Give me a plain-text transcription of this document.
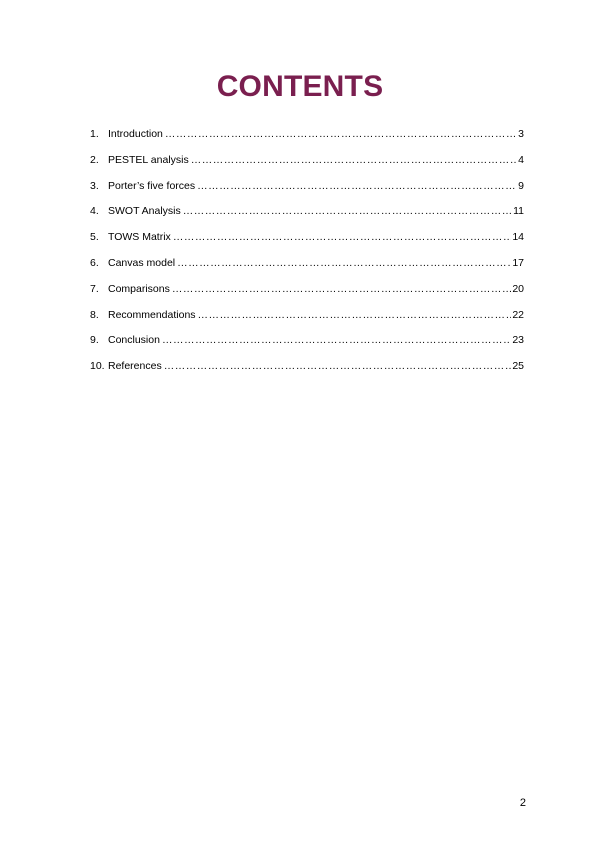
CONTENTS
1. Introduction …………………………………………………………………………………………………………………………………………………………………………	3
2. PESTEL analysis …………………………………………………………………………………………………………………………………………………………………………	4
3. Porter’s five forces …………………………………………………………………………………………………………………………………………………………………………	9
4. SWOT Analysis …………………………………………………………………………………………………………………………………………………………………………	11
5. TOWS Matrix …………………………………………………………………………………………………………………………………………………………………………	14
6. Canvas model …………………………………………………………………………………………………………………………………………………………………………	17
7. Comparisons …………………………………………………………………………………………………………………………………………………………………………	20
8. Recommendations …………………………………………………………………………………………………………………………………………………………………………	22
9. Conclusion …………………………………………………………………………………………………………………………………………………………………………	23
10. References …………………………………………………………………………………………………………………………………………………………………………	25
2
